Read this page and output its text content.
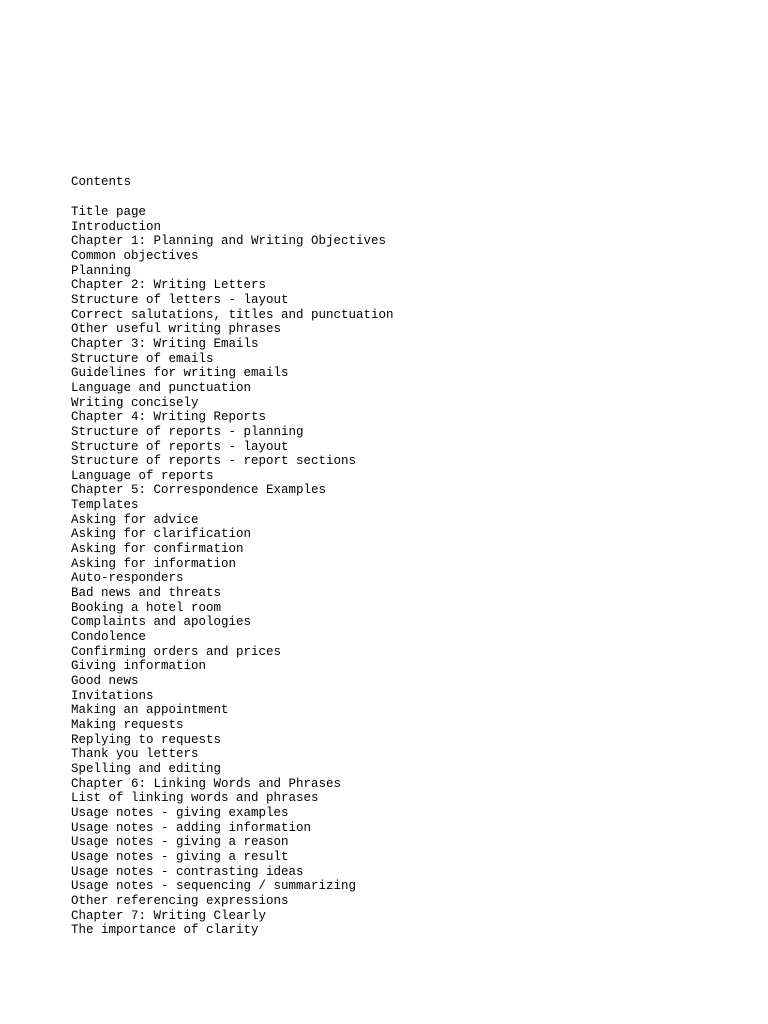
Contents
Title page
Introduction
Chapter 1: Planning and Writing Objectives
Common objectives
Planning
Chapter 2: Writing Letters
Structure of letters - layout
Correct salutations, titles and punctuation
Other useful writing phrases
Chapter 3: Writing Emails
Structure of emails
Guidelines for writing emails
Language and punctuation
Writing concisely
Chapter 4: Writing Reports
Structure of reports - planning
Structure of reports - layout
Structure of reports - report sections
Language of reports
Chapter 5: Correspondence Examples
Templates
Asking for advice
Asking for clarification
Asking for confirmation
Asking for information
Auto-responders
Bad news and threats
Booking a hotel room
Complaints and apologies
Condolence
Confirming orders and prices
Giving information
Good news
Invitations
Making an appointment
Making requests
Replying to requests
Thank you letters
Spelling and editing
Chapter 6: Linking Words and Phrases
List of linking words and phrases
Usage notes - giving examples
Usage notes - adding information
Usage notes - giving a reason
Usage notes - giving a result
Usage notes - contrasting ideas
Usage notes - sequencing / summarizing
Other referencing expressions
Chapter 7: Writing Clearly
The importance of clarity
